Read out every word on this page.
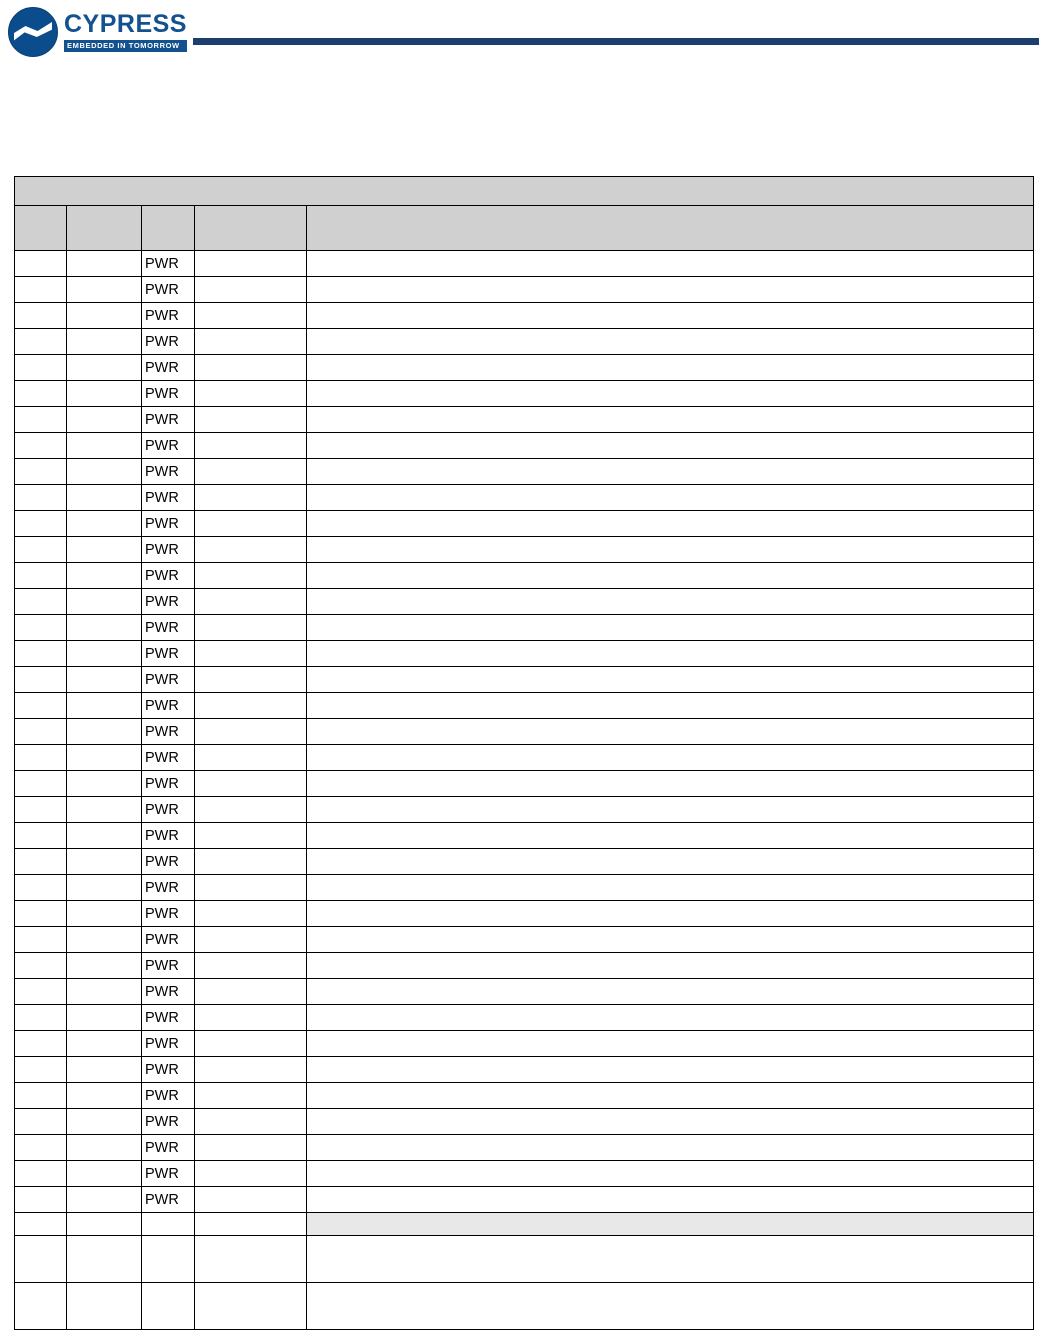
CYPRESS
EMBEDDED IN TOMORROW

		PWR		
		PWR		
		PWR		
		PWR		
		PWR		
		PWR		
		PWR		
		PWR		
		PWR		
		PWR		
		PWR		
		PWR		
		PWR		
		PWR		
		PWR		
		PWR		
		PWR		
		PWR		
		PWR		
		PWR		
		PWR		
		PWR		
		PWR		
		PWR		
		PWR		
		PWR		
		PWR		
		PWR		
		PWR		
		PWR		
		PWR		
		PWR		
		PWR		
		PWR		
		PWR		
		PWR		
		PWR		
